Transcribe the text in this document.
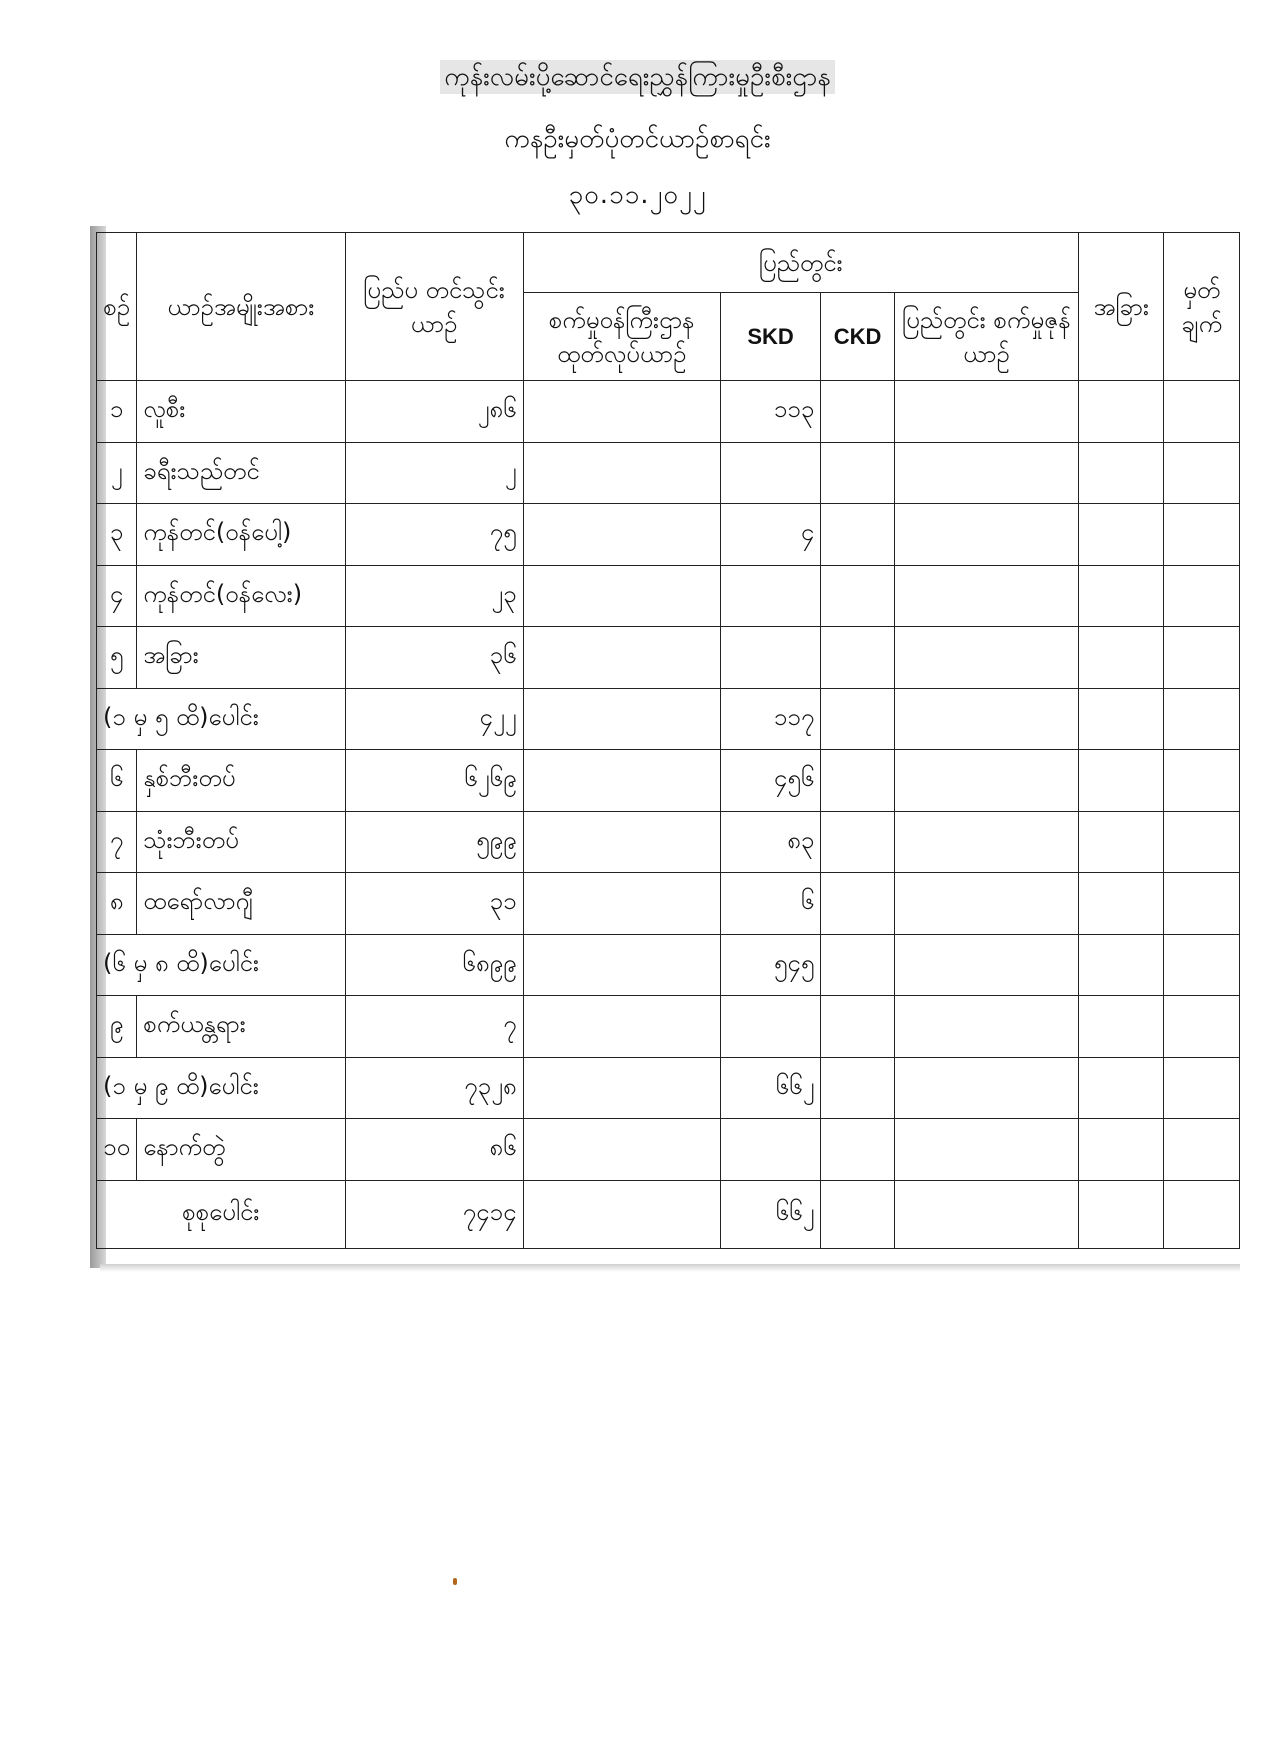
ကုန်းလမ်းပို့ဆောင်ရေးညွှန်ကြားမှုဦးစီးဌာန
ကနဦးမှတ်ပုံတင်ယာဉ်စာရင်း
၃၀.၁၁.၂၀၂၂
စဉ်	ယာဉ်အမျိုးအစား	ပြည်ပ တင်သွင်းယာဉ်	ပြည်တွင်း				အခြား	မှတ် ချက်
			စက်မှုဝန်ကြီးဌာန ထုတ်လုပ်ယာဉ်	SKD	CKD	ပြည်တွင်း စက်မှုဇုန်ယာဉ်		
၁	လူစီး	၂၈၆		၁၁၃				
၂	ခရီးသည်တင်	၂						
၃	ကုန်တင်(ဝန်ပေါ့)	၇၅		၄				
၄	ကုန်တင်(ဝန်လေး)	၂၃						
၅	အခြား	၃၆						
(၁ မှ ၅ ထိ)ပေါင်း		၄၂၂		၁၁၇				
၆	နှစ်ဘီးတပ်	၆၂၆၉		၄၅၆				
၇	သုံးဘီးတပ်	၅၉၉		၈၃				
၈	ထရော်လာဂျီ	၃၁		၆				
(၆ မှ ၈ ထိ)ပေါင်း		၆၈၉၉		၅၄၅				
၉	စက်ယန္တရား	၇						
(၁ မှ ၉ ထိ)ပေါင်း		၇၃၂၈		၆၆၂				
၁၀	နောက်တွဲ	၈၆						
စုစုပေါင်း		၇၄၁၄		၆၆၂				
